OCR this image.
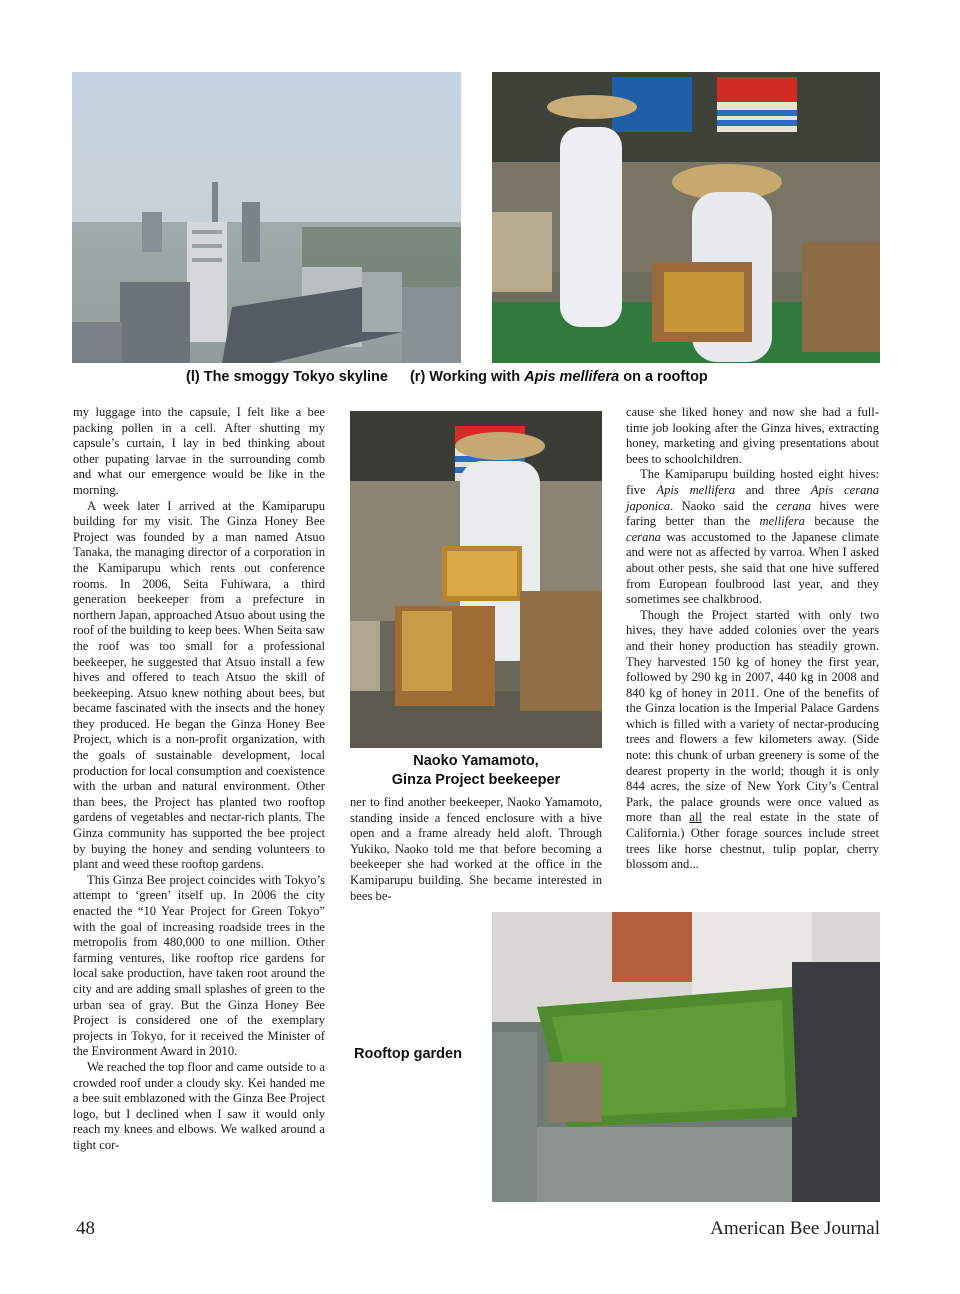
(l) The smoggy Tokyo skyline (r) Working with Apis mellifera on a rooftop
Naoko Yamamoto,
Ginza Project beekeeper
Rooftop garden

my luggage into the capsule, I felt like a bee packing pollen in a cell. After shutting my capsule’s curtain, I lay in bed thinking about other pupating larvae in the surrounding comb and what our emergence would be like in the morning.

A week later I arrived at the Kamiparupu building for my visit. The Ginza Honey Bee Project was founded by a man named Atsuo Tanaka, the managing director of a corporation in the Kamiparupu which rents out conference rooms. In 2006, Seita Fuhiwara, a third generation beekeeper from a prefecture in northern Japan, approached Atsuo about using the roof of the building to keep bees. When Seita saw the roof was too small for a professional beekeeper, he suggested that Atsuo install a few hives and offered to teach Atsuo the skill of beekeeping. Atsuo knew nothing about bees, but became fascinated with the insects and the honey they produced. He began the Ginza Honey Bee Project, which is a non-profit organization, with the goals of sustainable development, local production for local consumption and coexistence with the urban and natural environment. Other than bees, the Project has planted two rooftop gardens of vegetables and nectar-rich plants. The Ginza community has supported the bee project by buying the honey and sending volunteers to plant and weed these rooftop gardens.

This Ginza Bee project coincides with Tokyo’s attempt to ‘green’ itself up. In 2006 the city enacted the “10 Year Project for Green Tokyo” with the goal of increasing roadside trees in the metropolis from 480,000 to one million. Other farming ventures, like rooftop rice gardens for local sake production, have taken root around the city and are adding small splashes of green to the urban sea of gray. But the Ginza Honey Bee Project is considered one of the exemplary projects in Tokyo, for it received the Minister of the Environment Award in 2010.

We reached the top floor and came outside to a crowded roof under a cloudy sky. Kei handed me a bee suit emblazoned with the Ginza Bee Project logo, but I declined when I saw it would only reach my knees and elbows. We walked around a tight cor-

ner to find another beekeeper, Naoko Yamamoto, standing inside a fenced enclosure with a hive open and a frame already held aloft. Through Yukiko, Naoko told me that before becoming a beekeeper she had worked at the office in the Kamiparupu building. She became interested in bees be-

cause she liked honey and now she had a full-time job looking after the Ginza hives, extracting honey, marketing and giving presentations about bees to schoolchildren.

The Kamiparupu building hosted eight hives: five Apis mellifera and three Apis cerana japonica. Naoko said the cerana hives were faring better than the mellifera because the cerana was accustomed to the Japanese climate and were not as affected by varroa. When I asked about other pests, she said that one hive suffered from European foulbrood last year, and they sometimes see chalkbrood.

Though the Project started with only two hives, they have added colonies over the years and their honey production has steadily grown. They harvested 150 kg of honey the first year, followed by 290 kg in 2007, 440 kg in 2008 and 840 kg of honey in 2011. One of the benefits of the Ginza location is the Imperial Palace Gardens which is filled with a variety of nectar-producing trees and flowers a few kilometers away. (Side note: this chunk of urban greenery is some of the dearest property in the world; though it is only 844 acres, the size of New York City’s Central Park, the palace grounds were once valued as more than all the real estate in the state of California.) Other forage sources include street trees like horse chestnut, tulip poplar, cherry blossom and...

48	American Bee Journal
